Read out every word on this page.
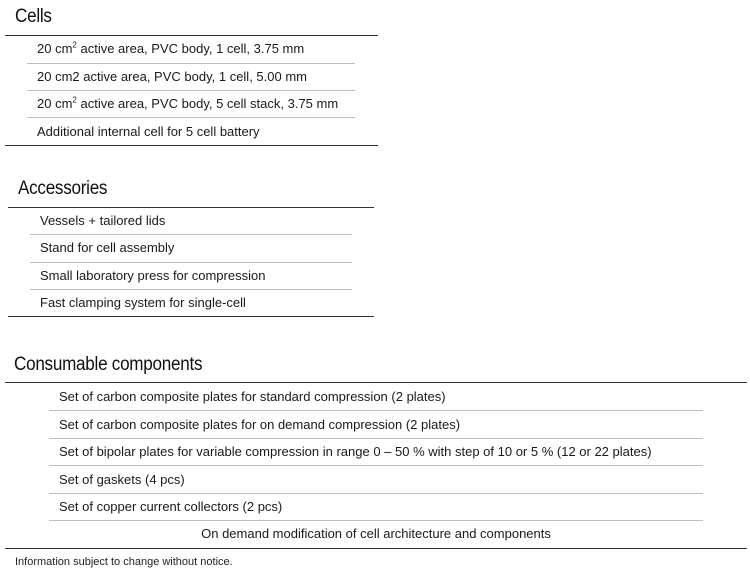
Cells
20 $cm^2$ active area, PVC body, 1 cell, 3.75 mm
20 cm2 active area, PVC body, 1 cell, 5.00 mm
20 $cm^2$ active area, PVC body, 5 cell stack, 3.75 mm
Additional internal cell for 5 cell battery
Accessories
Vessels + tailored lids
Stand for cell assembly
Small laboratory press for compression
Fast clamping system for single-cell
Consumable components
Set of carbon composite plates for standard compression (2 plates)
Set of carbon composite plates for on demand compression (2 plates)
Set of bipolar plates for variable compression in range 0 – 50 % with step of 10 or 5 % (12 or 22 plates)
Set of gaskets (4 pcs)
Set of copper current collectors (2 pcs)
On demand modification of cell architecture and components
Information subject to change without notice.
